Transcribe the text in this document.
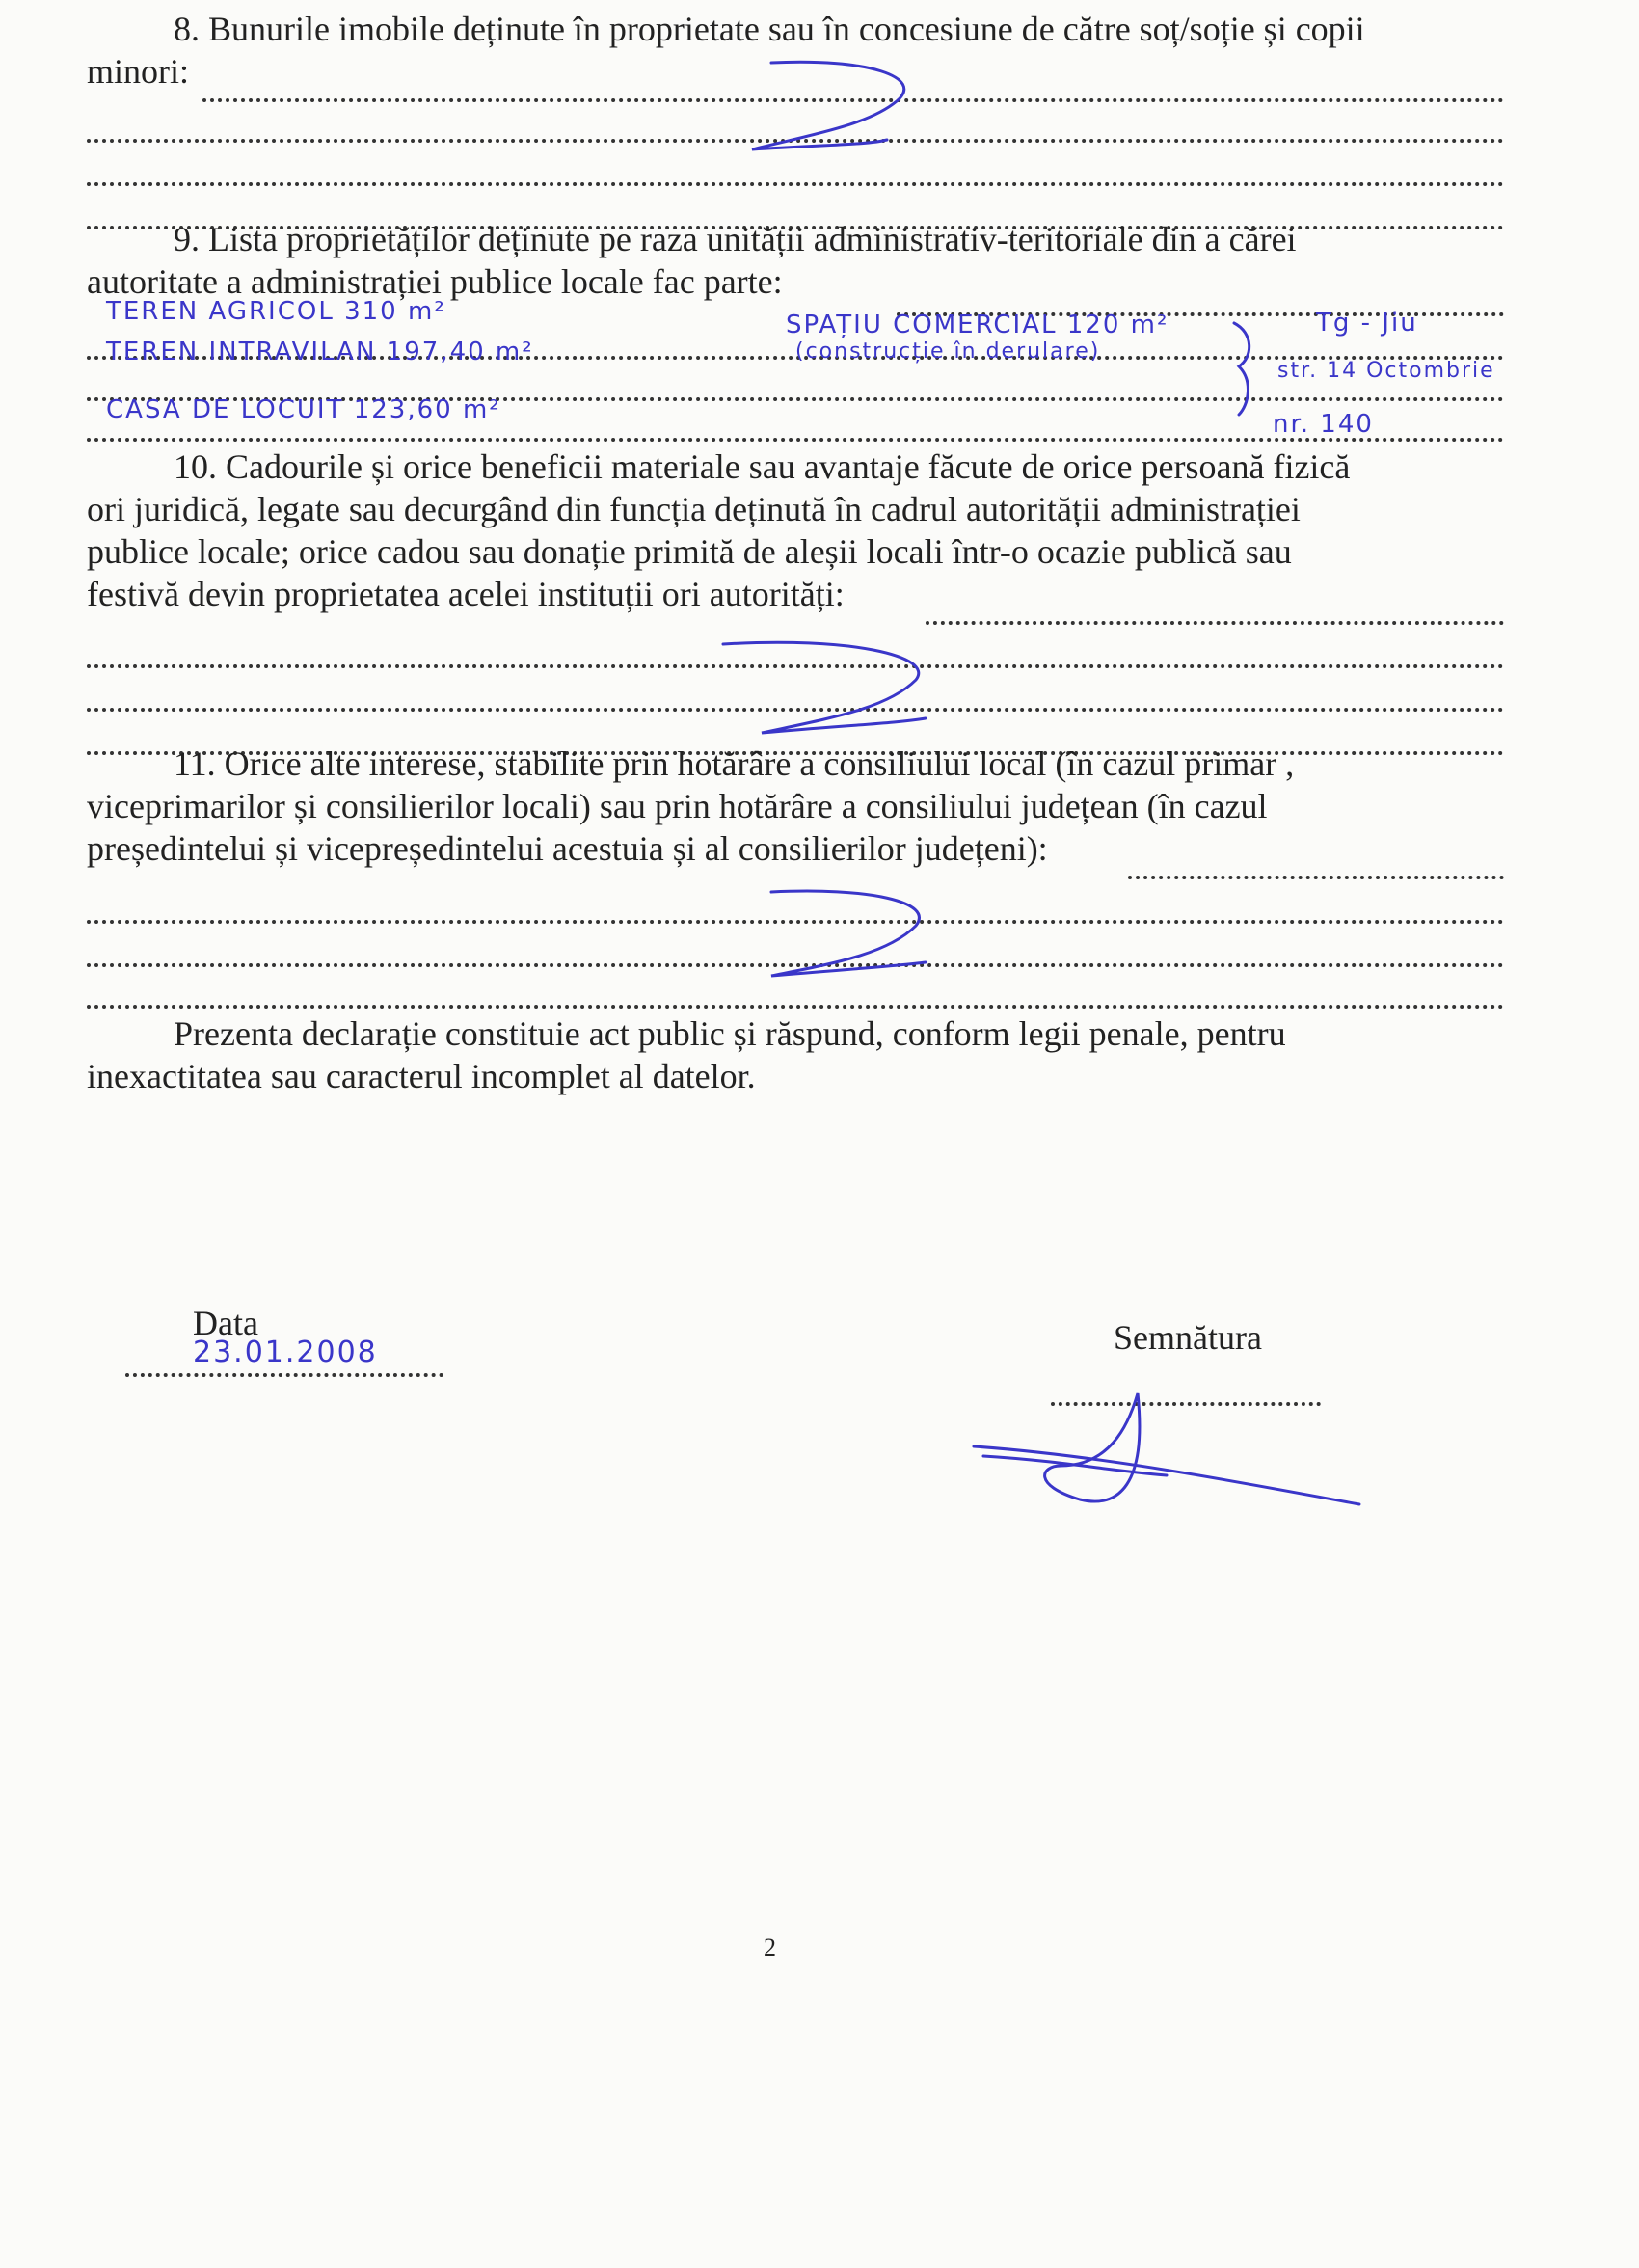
8. Bunurile imobile deținute în proprietate sau în concesiune de către soț/soție și copii
minori:
9. Lista proprietăților deținute pe raza unității administrativ-teritoriale din a cărei
autoritate a administrației publice locale fac parte:
TEREN AGRICOL 310 m²
TEREN INTRAVILAN 197,40 m²
CASA DE LOCUIT 123,60 m²
SPAȚIU COMERCIAL 120 m²
(construcție în derulare)
Tg - Jiu
str. 14 Octombrie
nr. 140
10. Cadourile și orice beneficii materiale sau avantaje făcute de orice persoană fizică
ori juridică, legate sau decurgând din funcția deținută în cadrul autorității administrației
publice locale; orice cadou sau donație primită de aleșii locali într-o ocazie publică sau
festivă devin proprietatea acelei instituții ori autorități:
11. Orice alte interese, stabilite prin hotărâre a consiliului local (în cazul primar ,
viceprimarilor și consilierilor locali) sau prin hotărâre a consiliului județean (în cazul
președintelui și vicepreședintelui acestuia și al consilierilor județeni):
Prezenta declarație constituie act public și răspund, conform legii penale, pentru
inexactitatea sau caracterul incomplet al datelor.
Data
23.01.2008	Semnătura
2
